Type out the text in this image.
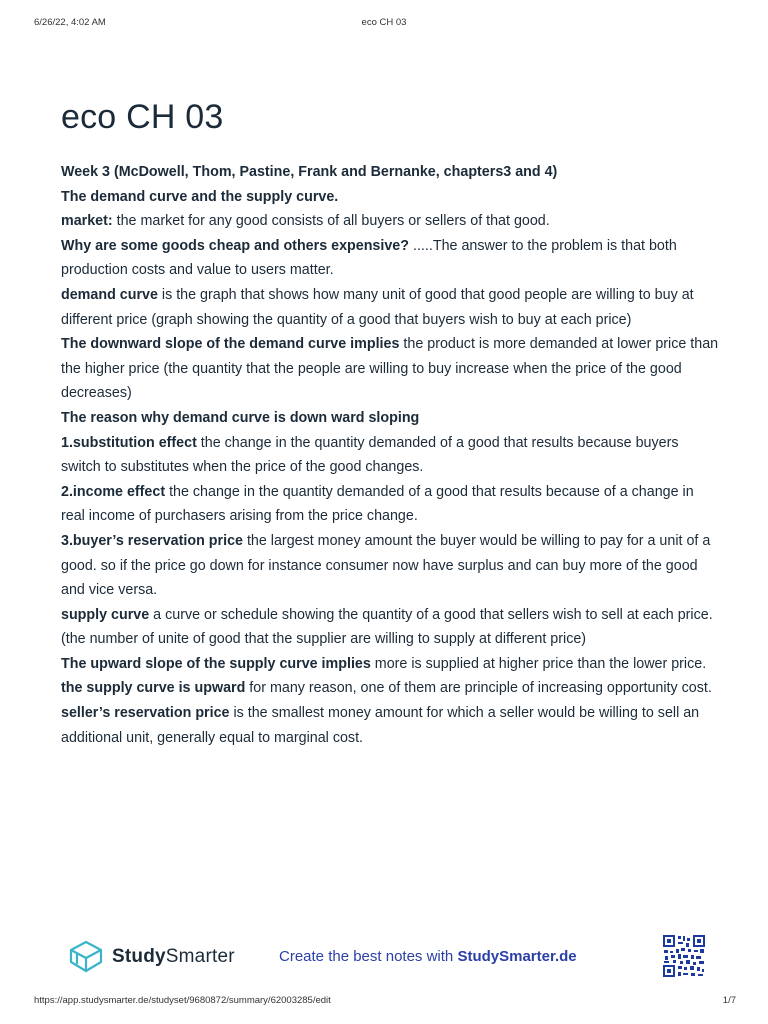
6/26/22, 4:02 AM	eco CH 03
eco CH 03

Week 3 (McDowell, Thom, Pastine, Frank and Bernanke, chapters3 and 4)

The demand curve and the supply curve.

market: the market for any good consists of all buyers or sellers of that good.

Why are some goods cheap and others expensive? .....The answer to the problem is that both production costs and value to users matter.

demand curve is the graph that shows how many unit of good that good people are willing to buy at different price (graph showing the quantity of a good that buyers wish to buy at each price)

The downward slope of the demand curve implies the product is more demanded at lower price than the higher price (the quantity that the people are willing to buy increase when the price of the good decreases)

The reason why demand curve is down ward sloping

1.substitution effect the change in the quantity demanded of a good that results because buyers switch to substitutes when the price of the good changes.

2.income effect the change in the quantity demanded of a good that results because of a change in real income of purchasers arising from the price change.

3.buyer’s reservation price the largest money amount the buyer would be willing to pay for a unit of a good. so if the price go down for instance consumer now have surplus and can buy more of the good and vice versa.

supply curve a curve or schedule showing the quantity of a good that sellers wish to sell at each price.(the number of unite of good that the supplier are willing to supply at different price)

The upward slope of the supply curve implies more is supplied at higher price than the lower price.

the supply curve is upward for many reason, one of them are principle of increasing opportunity cost.

seller’s reservation price is the smallest money amount for which a seller would be willing to sell an additional unit, generally equal to marginal cost.

StudySmarter	Create the best notes with StudySmarter.de
https://app.studysmarter.de/studyset/9680872/summary/62003285/edit	1/7
